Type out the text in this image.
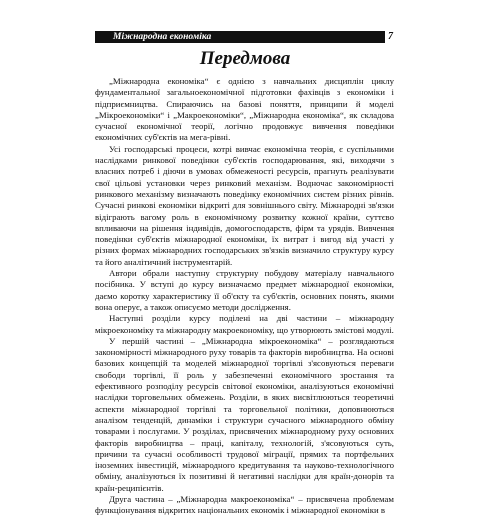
Міжнародна економіка	7
Передмова

„Міжнародна економіка“ є однією з навчальних дисциплін циклу фундаментальної загальноекономічної підготовки фахівців з економіки і підприємництва. Спираючись на базові поняття, принципи й моделі „Мікроекономіки“ і „Макроекономіки“, „Міжнародна економіка“, як складова сучасної економічної теорії, логічно продовжує вивчення поведінки економічних суб'єктів на мега-рівні.

Усі господарські процеси, котрі вивчає економічна теорія, є суспільними наслідками ринкової поведінки суб'єктів господарювання, які, виходячи з власних потреб і діючи в умовах обмеженості ресурсів, прагнуть реалізувати свої цільові установки через ринковий механізм. Водночас закономірності ринкового механізму визначають поведінку економічних систем різних рівнів. Сучасні ринкові економіки відкриті для зовнішнього світу. Міжнародні зв'язки відіграють вагому роль в економічному розвитку кожної країни, суттєво впливаючи на рішення індивідів, домогосподарств, фірм та урядів. Вивчення поведінки суб'єктів міжнародної економіки, їх витрат і вигод від участі у різних формах міжнародних господарських зв'язків визначило структуру курсу та його аналітичний інструментарій.

Автори обрали наступну структурну побудову матеріалу навчального посібника. У вступі до курсу визначаємо предмет міжнародної економіки, даємо коротку характеристику її об'єкту та суб'єктів, основних понять, якими вона оперує, а також описуємо методи дослідження.

Наступні розділи курсу поділені на дві частини – міжнародну мікроекономіку та міжнародну макроекономіку, що утворюють змістові модулі.

У першій частині – „Міжнародна мікроекономіка“ – розглядаються закономірності міжнародного руху товарів та факторів виробництва. На основі базових концепцій та моделей міжнародної торгівлі з'ясовуються переваги свободи торгівлі, її роль у забезпеченні економічного зростання та ефективного розподілу ресурсів світової економіки, аналізуються економічні наслідки торговельних обмежень. Розділи, в яких висвітлюються теоретичні аспекти міжнародної торгівлі та торговельної політики, доповнюються аналізом тенденцій, динаміки і структури сучасного міжнародного обміну товарами і послугами. У розділах, присвячених міжнародному руху основних факторів виробництва – праці, капіталу, технологій, з'ясовуються суть, причини та сучасні особливості трудової міграції, прямих та портфельних іноземних інвестицій, міжнародного кредитування та науково-технологічного обміну, аналізуються їх позитивні й негативні наслідки для країн-донорів та країн-реципієнтів.

Друга частина – „Міжнародна макроекономіка“ – присвячена проблемам функціонування відкритих національних економік і міжнародної економіки в
